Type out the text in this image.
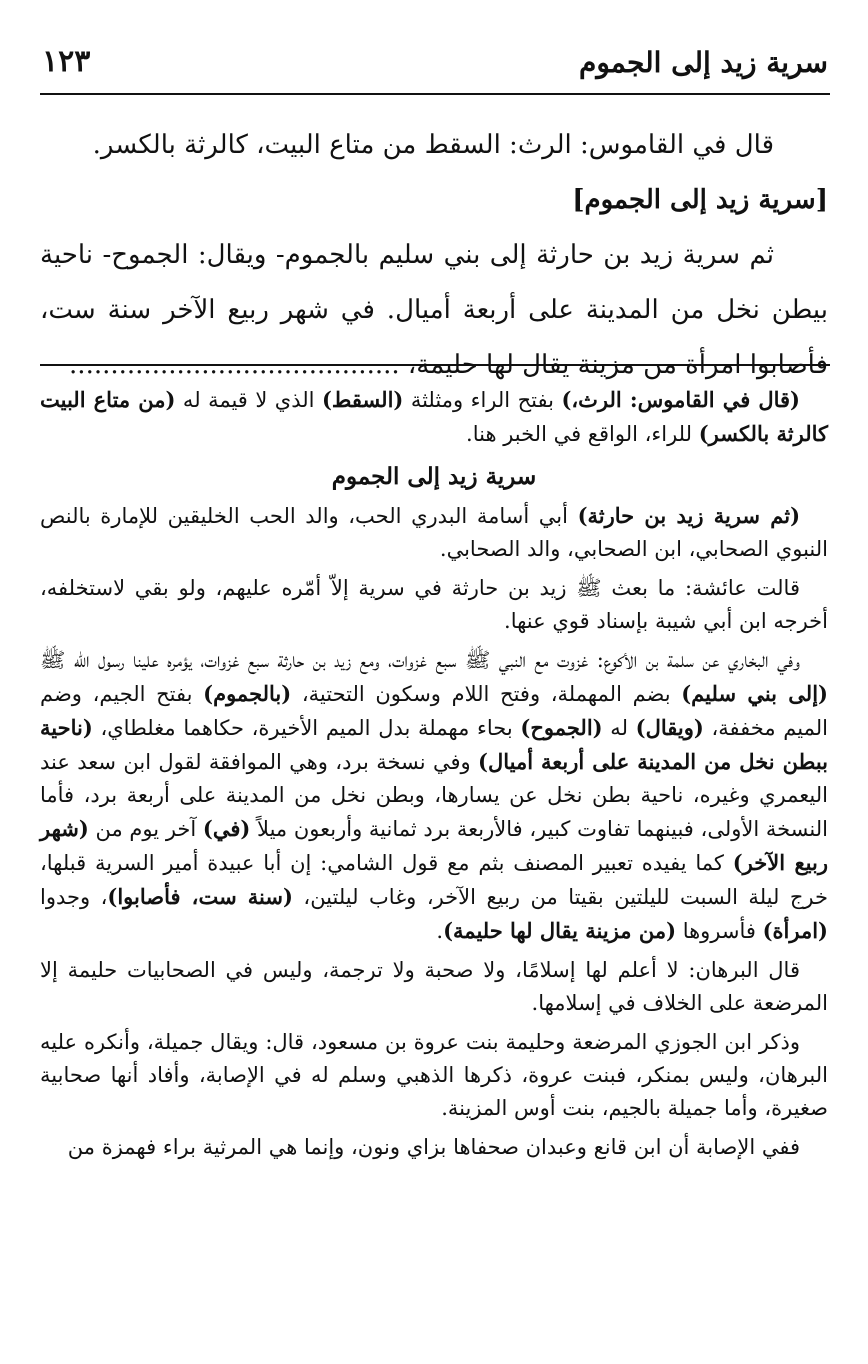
سرية زيد إلى الجموم
١٢٣

قال في القاموس: الرث: السقط من متاع البيت، كالرثة بالكسر.

[سرية زيد إلى الجموم]

ثم سرية زيد بن حارثة إلى بني سليم بالجموم- ويقال: الجموح- ناحية بيطن نخل من المدينة على أربعة أميال. في شهر ربيع الآخر سنة ست، فأصابوا امرأة من مزينة يقال لها حليمة، ........................................

(قال في القاموس: الرث،) بفتح الراء ومثلثة (السقط) الذي لا قيمة له (من متاع البيت كالرثة بالكسر) للراء، الواقع في الخبر هنا.

سرية زيد إلى الجموم

(ثم سرية زيد بن حارثة) أبي أسامة البدري الحب، والد الحب الخليقين للإمارة بالنص النبوي الصحابي، ابن الصحابي، والد الصحابي.

قالت عائشة: ما بعث ﷺ زيد بن حارثة في سرية إلاّ أمّره عليهم، ولو بقي لاستخلفه، أخرجه ابن أبي شيبة بإسناد قوي عنها.

وفي البخاري عن سلمة بن الأكوع: غزوت مع النبي ﷺ سبع غزوات، ومع زيد بن حارثة سبع غزوات، يؤمره علينا رسول الله ﷺ (إلى بني سليم) بضم المهملة، وفتح اللام وسكون التحتية، (بالجموم) بفتح الجيم، وضم الميم مخففة، (ويقال) له (الجموح) بحاء مهملة بدل الميم الأخيرة، حكاهما مغلطاي، (ناحية ببطن نخل من المدينة على أربعة أميال) وفي نسخة برد، وهي الموافقة لقول ابن سعد عند اليعمري وغيره، ناحية بطن نخل عن يسارها، وبطن نخل من المدينة على أربعة برد، فأما النسخة الأولى، فبينهما تفاوت كبير، فالأربعة برد ثمانية وأربعون ميلاً (في) آخر يوم من (شهر ربيع الآخر) كما يفيده تعبير المصنف بثم مع قول الشامي: إن أبا عبيدة أمير السرية قبلها، خرج ليلة السبت لليلتين بقيتا من ربيع الآخر، وغاب ليلتين، (سنة ست، فأصابوا)، وجدوا (امرأة) فأسروها (من مزينة يقال لها حليمة).

قال البرهان: لا أعلم لها إسلامًا، ولا صحبة ولا ترجمة، وليس في الصحابيات حليمة إلا المرضعة على الخلاف في إسلامها.

وذكر ابن الجوزي المرضعة وحليمة بنت عروة بن مسعود، قال: ويقال جميلة، وأنكره عليه البرهان، وليس بمنكر، فبنت عروة، ذكرها الذهبي وسلم له في الإصابة، وأفاد أنها صحابية صغيرة، وأما جميلة بالجيم، بنت أوس المزينة.

ففي الإصابة أن ابن قانع وعبدان صحفاها بزاي ونون، وإنما هي المرثية براء فهمزة من
